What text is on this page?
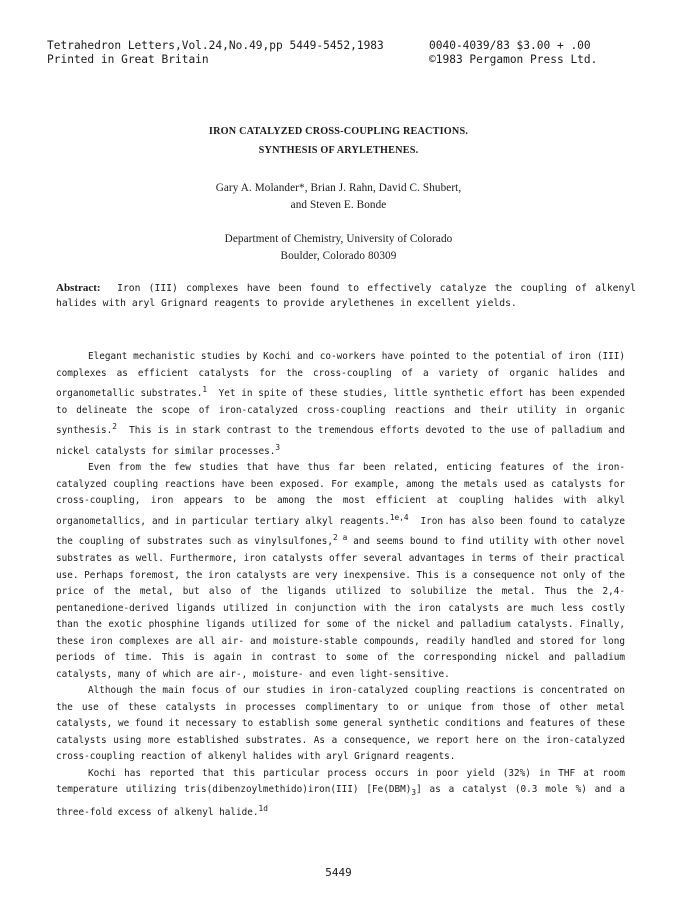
Tetrahedron Letters,Vol.24,No.49,pp 5449-5452,1983
Printed in Great Britain
0040-4039/83 $3.00 + .00
©1983 Pergamon Press Ltd.
IRON CATALYZED CROSS-COUPLING REACTIONS.
SYNTHESIS OF ARYLETHENES.
Gary A. Molander*, Brian J. Rahn, David C. Shubert,
and Steven E. Bonde
Department of Chemistry, University of Colorado
Boulder, Colorado 80309
Abstract: Iron (III) complexes have been found to effectively catalyze the coupling of alkenyl halides with aryl Grignard reagents to provide arylethenes in excellent yields.

Elegant mechanistic studies by Kochi and co-workers have pointed to the potential of iron (III) complexes as efficient catalysts for the cross-coupling of a variety of organic halides and organometallic substrates.$^1$ Yet in spite of these studies, little synthetic effort has been expended to delineate the scope of iron-catalyzed cross-coupling reactions and their utility in organic synthesis.$^2$ This is in stark contrast to the tremendous efforts devoted to the use of palladium and nickel catalysts for similar processes.$^3$

Even from the few studies that have thus far been related, enticing features of the iron-catalyzed coupling reactions have been exposed. For example, among the metals used as catalysts for cross-coupling, iron appears to be among the most efficient at coupling halides with alkyl organometallics, and in particular tertiary alkyl reagents.$^{1e,4}$ Iron has also been found to catalyze the coupling of substrates such as vinylsulfones,$^{2 a}$ and seems bound to find utility with other novel substrates as well. Furthermore, iron catalysts offer several advantages in terms of their practical use. Perhaps foremost, the iron catalysts are very inexpensive. This is a consequence not only of the price of the metal, but also of the ligands utilized to solubilize the metal. Thus the 2,4-pentanedione-derived ligands utilized in conjunction with the iron catalysts are much less costly than the exotic phosphine ligands utilized for some of the nickel and palladium catalysts. Finally, these iron complexes are all air- and moisture-stable compounds, readily handled and stored for long periods of time. This is again in contrast to some of the corresponding nickel and palladium catalysts, many of which are air-, moisture- and even light-sensitive.

Although the main focus of our studies in iron-catalyzed coupling reactions is concentrated on the use of these catalysts in processes complimentary to or unique from those of other metal catalysts, we found it necessary to establish some general synthetic conditions and features of these catalysts using more established substrates. As a consequence, we report here on the iron-catalyzed cross-coupling reaction of alkenyl halides with aryl Grignard reagents.

Kochi has reported that this particular process occurs in poor yield (32%) in THF at room temperature utilizing tris(dibenzoylmethido)iron(III) $[Fe(DBM)_3]$ as a catalyst (0.3 mole %) and a three-fold excess of alkenyl halide.$^{1d}$

5449
